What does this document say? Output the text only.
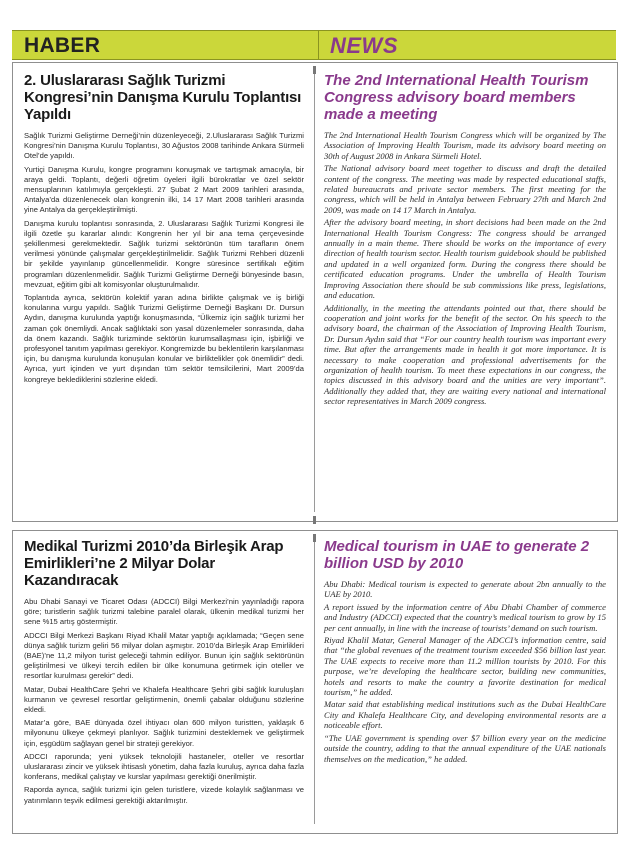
HABER	NEWS
2. Uluslararası Sağlık Turizmi Kongresi’nin Danışma Kurulu Toplantısı Yapıldı

Sağlık Turizmi Geliştirme Derneği’nin düzenleyeceği, 2.Uluslararası Sağlık Turizmi Kongresi’nin Danışma Kurulu Toplantısı, 30 Ağustos 2008 tarihinde Ankara Sürmeli Otel’de yapıldı.

Yurtiçi Danışma Kurulu, kongre programını konuşmak ve tartışmak amacıyla, bir araya geldi. Toplantı, değerli öğretim üyeleri ilgili bürokratlar ve özel sektör mensuplarının katılımıyla gerçekleşti. 27 Şubat 2 Mart 2009 tarihleri arasında, Antalya’da düzenlenecek olan kongrenin ilki, 14 17 Mart 2008 tarihleri arasında yine Antalya da gerçekleştirilmişti.

Danışma kurulu toplantısı sonrasında, 2. Uluslararası Sağlık Turizmi Kongresi ile ilgili özetle şu kararlar alındı: Kongrenin her yıl bir ana tema çerçevesinde şekillenmesi gerekmektedir. Sağlık turizmi sektörünün tüm tarafların önem verilmesi yönünde çalışmalar gerçekleştirilmelidir. Sağlık Turizmi Rehberi düzenli bir şekilde yayınlanıp güncellenmelidir. Kongre süresince sertifikalı eğitim programları düzenlenmelidir. Sağlık Turizmi Geliştirme Derneği bünyesinde basın, mevzuat, eğitim gibi alt komisyonlar oluşturulmalıdır.

Toplantıda ayrıca, sektörün kolektif yaran adına birlikte çalışmak ve iş birliği konularına vurgu yapıldı. Sağlık Turizmi Geliştirme Derneği Başkanı Dr. Dursun Aydın, danışma kurulunda yaptığı konuşmasında, “Ülkemiz için sağlık turizmi her zaman çok önemliydi. Ancak sağlıktaki son yasal düzenlemeler sonrasında, daha da önem kazandı. Sağlık turizminde sektörün kurumsallaşması için, işbirliği ve profesyonel tanıtım yapılması gerekiyor. Kongremizde bu beklentilerin karşılanması için, bu danışma kurulunda konuşulan konular ve birliktelikler çok önemlidir” dedi. Ayrıca, yurt içinden ve yurt dışından tüm sektör temsilcilerini, Mart 2009’da kongreye beklediklerini sözlerine ekledi.

The 2nd International Health Tourism Congress advisory board members made a meeting

The 2nd International Health Tourism Congress which will be organized by The Association of Improving Health Tourism, made its advisory board meeting on 30th of August 2008 in Ankara Sürmeli Hotel.

The National advisory board meet together to discuss and draft the detailed content of the congress. The meeting was made by respected educational staffs, related bureaucrats and private sector members. The first meeting for the congress, which will be held in Antalya between February 27th and March 2nd 2009, was made on 14 17 March in Antalya.

After the advisory board meeting, in short decisions had been made on the 2nd International Health Tourism Congress: The congress should be arranged annually in a main theme. There should be works on the importance of every direction of health tourism sector. Health tourism guidebook should be published and updated in a well organized form. During the congress there should be certificated education programs. Under the umbrella of Health Tourism Improving Association there should be sub commissions like press, legislations, and education.

Additionally, in the meeting the attendants pointed out that, there should be cooperation and joint works for the benefit of the sector. On his speech to the advisory board, the chairman of the Association of Improving Health Tourism, Dr. Dursun Aydın said that “For our country health tourism was important every time. But after the arrangements made in health it got more importance. It is necessary to make cooperation and professional advertisements for the organization of health tourism. To meet these expectations in our congress, the topics discussed in this advisory board and the unities are very important”. Additionally they added that, they are waiting every national and international sector representatives in March 2009 congress.

Medikal Turizmi 2010’da Birleşik Arap Emirlikleri’ne 2 Milyar Dolar Kazandıracak

Abu Dhabi Sanayi ve Ticaret Odası (ADCCI) Bilgi Merkezi’nin yayınladığı rapora göre; turistlerin sağlık turizmi talebine paralel olarak, ülkenin medikal turizmi her sene %15 artış göstermiştir.

ADCCI Bilgi Merkezi Başkanı Riyad Khalil Matar yaptığı açıklamada; “Geçen sene dünya sağlık turizm geliri 56 milyar dolan aşmıştır. 2010’da Birleşik Arap Emirlikleri (BAE)’ne 11,2 milyon turist geleceği tahmin ediliyor. Bunun için sağlık sektörünün geliştirilmesi ve ülkeyi tercih edilen bir ülke konumuna getirmek için oteller ve resortlar kurulması gerekir” dedi.

Matar, Dubai HealthCare Şehri ve Khalefa Healthcare Şehri gibi sağlık kuruluşları kurmanın ve çevresel resortlar geliştirmenin, önemli çabalar olduğunu sözlerine ekledi.

Matar’a göre, BAE dünyada özel ihtiyacı olan 600 milyon turistten, yaklaşık 6 milyonunu ülkeye çekmeyi planlıyor. Sağlık turizmini desteklemek ve geliştirmek için, eşgüdüm sağlayan genel bir strateji gerekiyor.

ADCCI raporunda; yeni yüksek teknolojili hastaneler, oteller ve resortlar uluslararası zincir ve yüksek ihtisaslı yönetim, daha fazla kuruluş, ayrıca daha fazla konferans, medikal çalıştay ve kurslar yapılması gerektiği önerilmiştir.

Raporda ayrıca, sağlık turizmi için gelen turistlere, vizede kolaylık sağlanması ve yatırımların teşvik edilmesi gerektiği aktarılmıştır.

Medical tourism in UAE to generate 2 billion USD by 2010

Abu Dhabi: Medical tourism is expected to generate about 2bn annually to the UAE by 2010.

A report issued by the information centre of Abu Dhabi Chamber of commerce and Industry (ADCCI) expected that the country’s medical tourism to grow by 15 per cent annually, in line with the increase of tourists’ demand on such tourism.

Riyad Khalil Matar, General Manager of the ADCCI’s information centre, said that “the global revenues of the treatment tourism exceeded $56 billion last year. The UAE expects to receive more than 11.2 million tourists by 2010. For this purpose, we’re developing the healthcare sector, building new communities, hotels and resorts to make the country a favorite destination for medical tourism,” he added.

Matar said that establishing medical institutions such as the Dubai HealthCare City and Khalefa Healthcare City, and developing environmental resorts are a noticeable effort.

“The UAE government is spending over $7 billion every year on the medicine outside the country, adding to that the annual expenditure of the UAE nationals themselves on the medication,” he added.
